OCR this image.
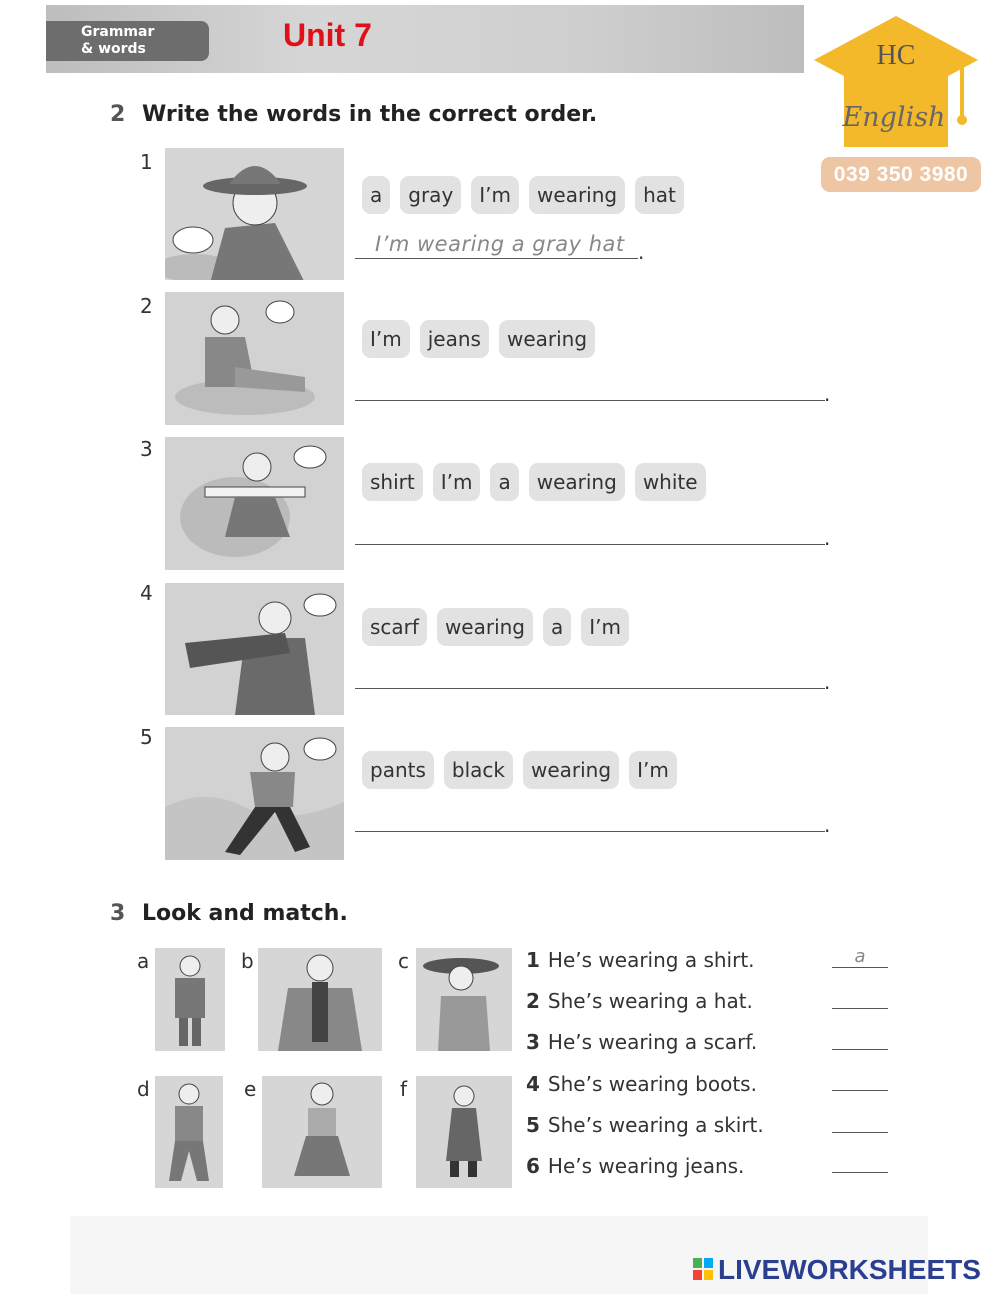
Grammar
& words	Unit 7
HC
English
039 350 3980
2 Write the words in the correct order.
1
a	gray	I’m	wearing	hat
I’m wearing a gray hat .
2
I’m	jeans	wearing
.
3
shirt	I’m	a	wearing	white
.
4
scarf	wearing	a	I’m
.
5
pants	black	wearing	I’m
.
3 Look and match.
a	b	c
d	e	f
1 He’s wearing a shirt.
2 She’s wearing a hat.
3 He’s wearing a scarf.
4 She’s wearing boots.
5 She’s wearing a skirt.
6 He’s wearing jeans.
a
LIVEWORKSHEETS
